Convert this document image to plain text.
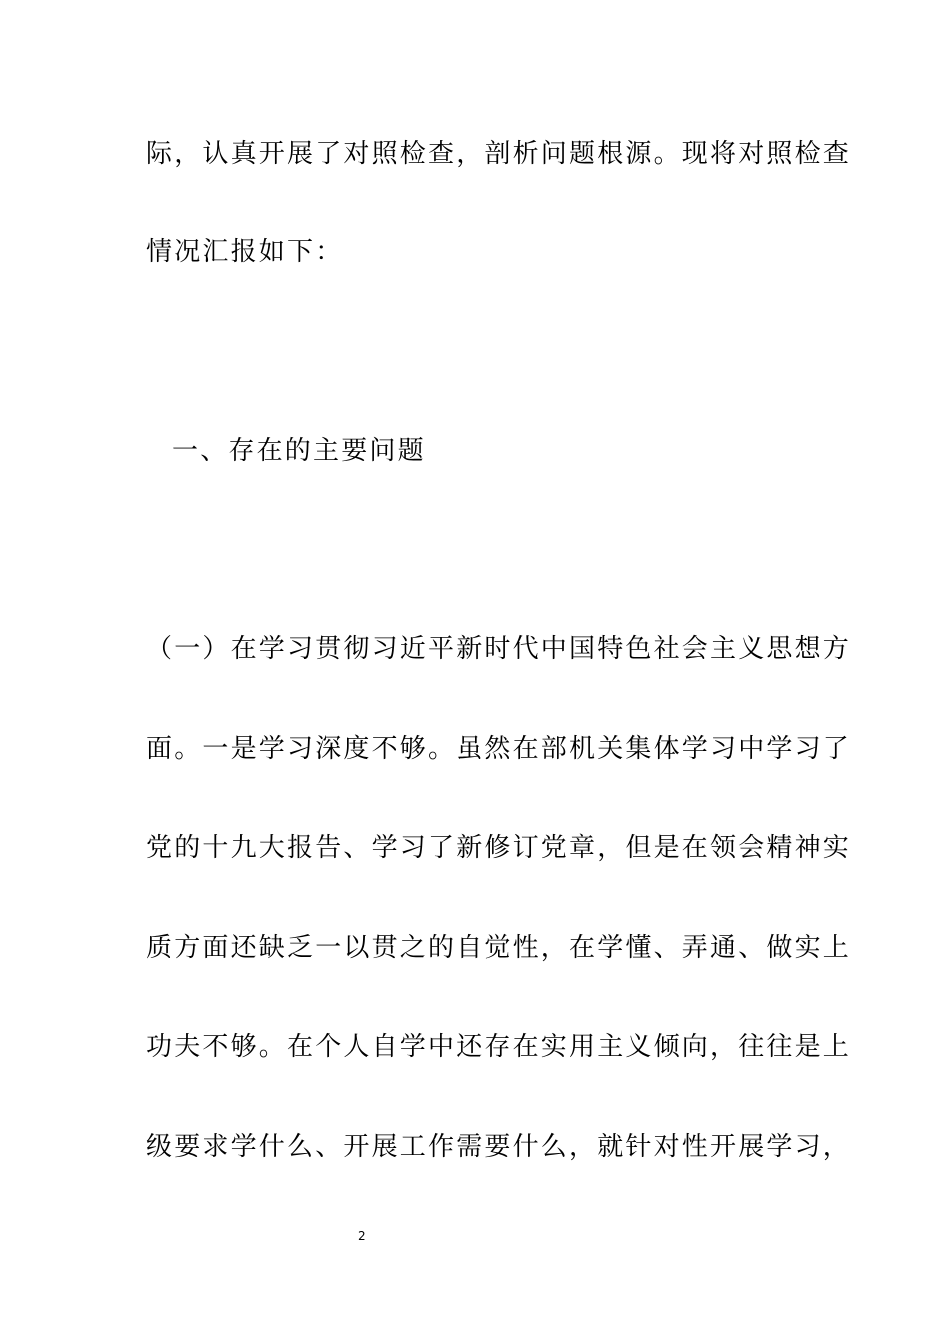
际，认真开展了对照检查，剖析问题根源。现将对照检查
情况汇报如下：
一、存在的主要问题
（一）在学习贯彻习近平新时代中国特色社会主义思想方
面。一是学习深度不够。虽然在部机关集体学习中学习了
党的十九大报告、学习了新修订党章，但是在领会精神实
质方面还缺乏一以贯之的自觉性，在学懂、弄通、做实上
功夫不够。在个人自学中还存在实用主义倾向，往往是上
级要求学什么、开展工作需要什么，就针对性开展学习，
2
